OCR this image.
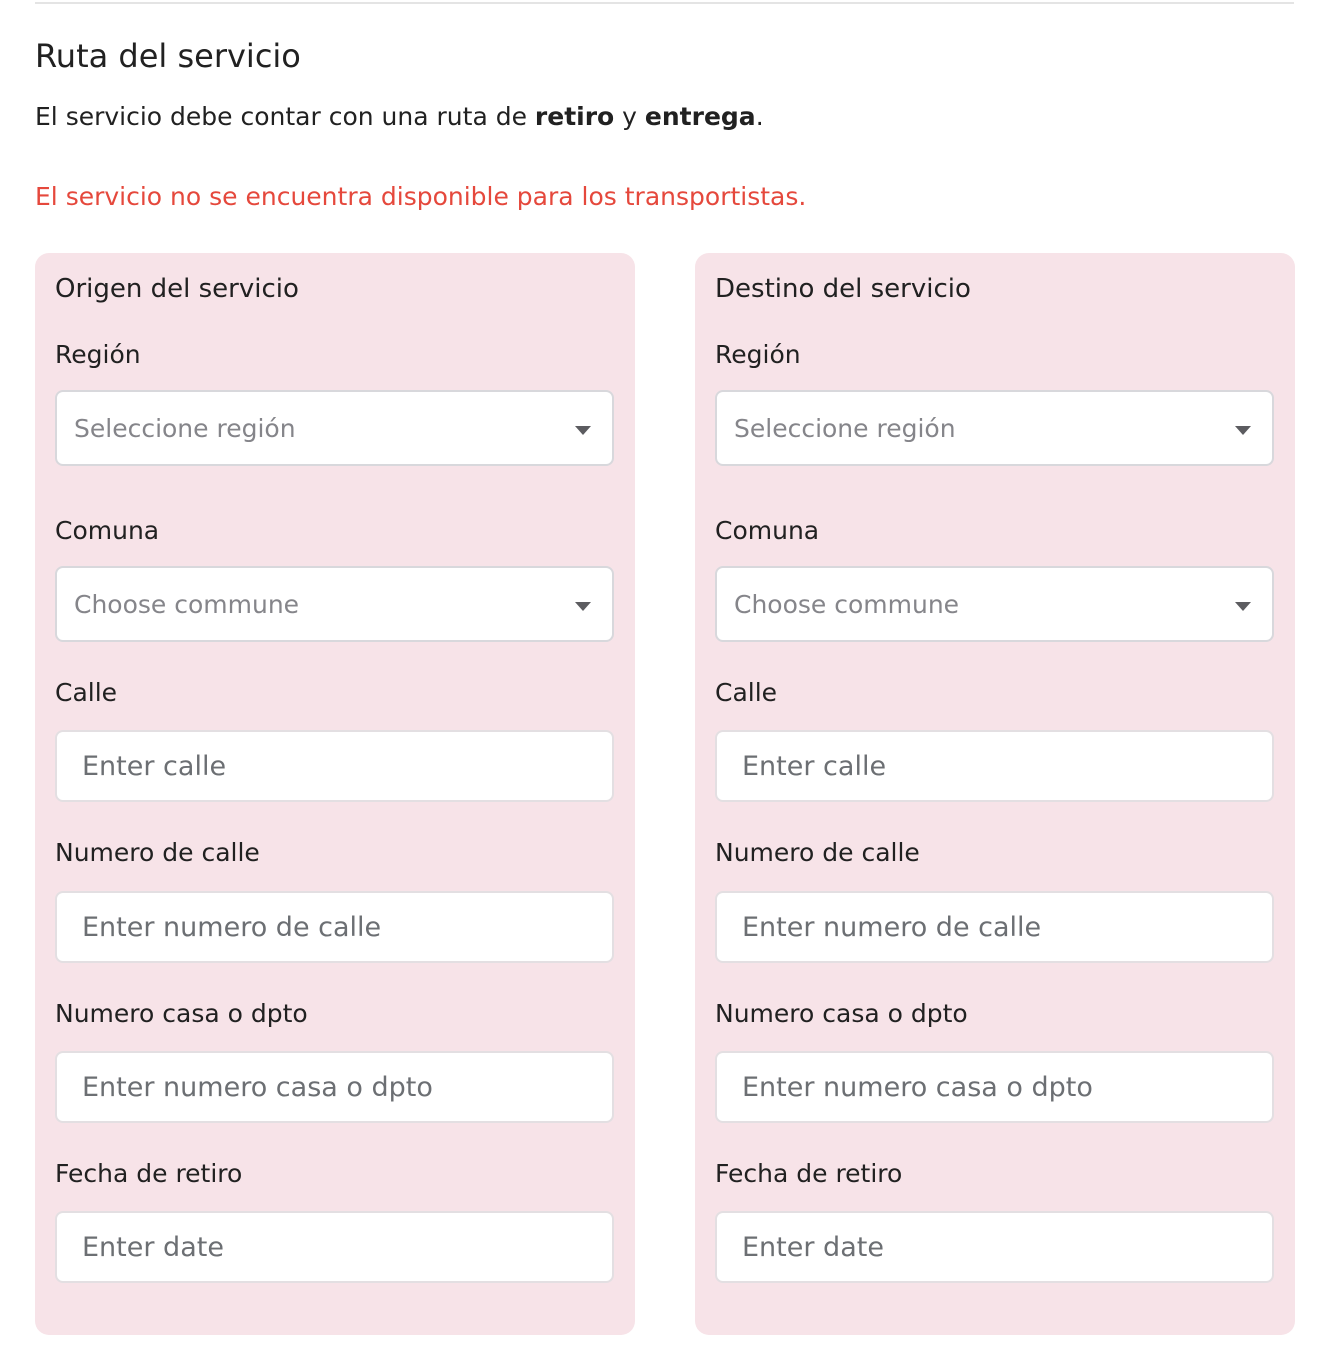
Ruta del servicio
El servicio debe contar con una ruta de retiro y entrega.
El servicio no se encuentra disponible para los transportistas.
Origen del servicio
Región
Seleccione región
Comuna
Choose commune
Calle
Enter calle
Numero de calle
Enter numero de calle
Numero casa o dpto
Enter numero casa o dpto
Fecha de retiro
Enter date
Destino del servicio
Región
Seleccione región
Comuna
Choose commune
Calle
Enter calle
Numero de calle
Enter numero de calle
Numero casa o dpto
Enter numero casa o dpto
Fecha de retiro
Enter date
